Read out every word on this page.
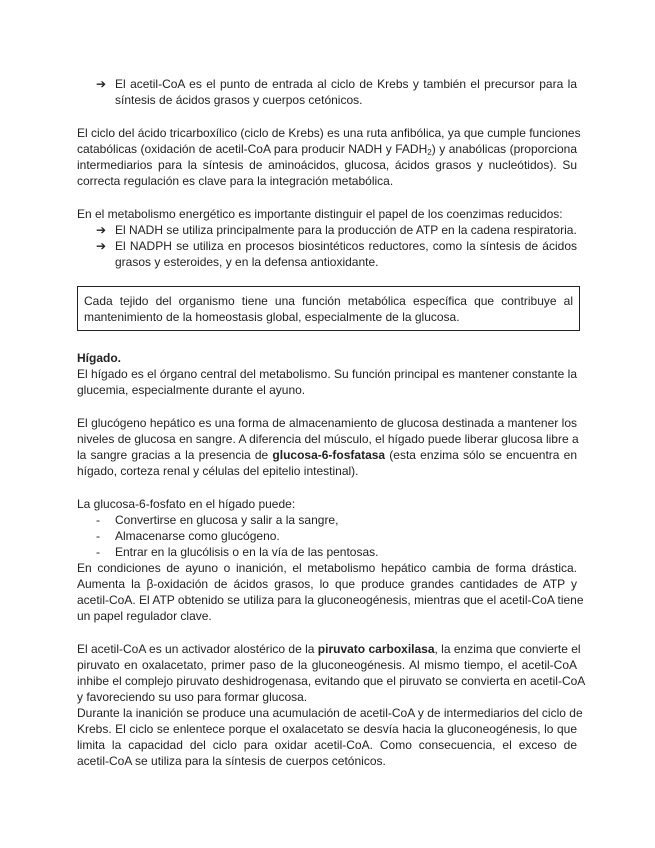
➔ El acetil-CoA es el punto de entrada al ciclo de Krebs y también el precursor para la
síntesis de ácidos grasos y cuerpos cetónicos.
El ciclo del ácido tricarboxílico (ciclo de Krebs) es una ruta anfibólica, ya que cumple funciones
catabólicas (oxidación de acetil-CoA para producir NADH y $FADH_2$) y anabólicas (proporciona
intermediarios para la síntesis de aminoácidos, glucosa, ácidos grasos y nucleótidos). Su
correcta regulación es clave para la integración metabólica.
En el metabolismo energético es importante distinguir el papel de los coenzimas reducidos:
➔ El NADH se utiliza principalmente para la producción de ATP en la cadena respiratoria.
➔ El NADPH se utiliza en procesos biosintéticos reductores, como la síntesis de ácidos
grasos y esteroides, y en la defensa antioxidante.
Cada tejido del organismo tiene una función metabólica específica que contribuye al
mantenimiento de la homeostasis global, especialmente de la glucosa.
Hígado.
El hígado es el órgano central del metabolismo. Su función principal es mantener constante la
glucemia, especialmente durante el ayuno.
El glucógeno hepático es una forma de almacenamiento de glucosa destinada a mantener los
niveles de glucosa en sangre. A diferencia del músculo, el hígado puede liberar glucosa libre a
la sangre gracias a la presencia de glucosa-6-fosfatasa (esta enzima sólo se encuentra en
hígado, corteza renal y células del epitelio intestinal).
La glucosa-6-fosfato en el hígado puede:
- Convertirse en glucosa y salir a la sangre,
- Almacenarse como glucógeno.
- Entrar en la glucólisis o en la vía de las pentosas.
En condiciones de ayuno o inanición, el metabolismo hepático cambia de forma drástica.
Aumenta la β-oxidación de ácidos grasos, lo que produce grandes cantidades de ATP y
acetil-CoA. El ATP obtenido se utiliza para la gluconeogénesis, mientras que el acetil-CoA tiene
un papel regulador clave.
El acetil-CoA es un activador alostérico de la piruvato carboxilasa, la enzima que convierte el
piruvato en oxalacetato, primer paso de la gluconeogénesis. Al mismo tiempo, el acetil-CoA
inhibe el complejo piruvato deshidrogenasa, evitando que el piruvato se convierta en acetil-CoA
y favoreciendo su uso para formar glucosa.
Durante la inanición se produce una acumulación de acetil-CoA y de intermediarios del ciclo de
Krebs. El ciclo se enlentece porque el oxalacetato se desvía hacia la gluconeogénesis, lo que
limita la capacidad del ciclo para oxidar acetil-CoA. Como consecuencia, el exceso de
acetil-CoA se utiliza para la síntesis de cuerpos cetónicos.
